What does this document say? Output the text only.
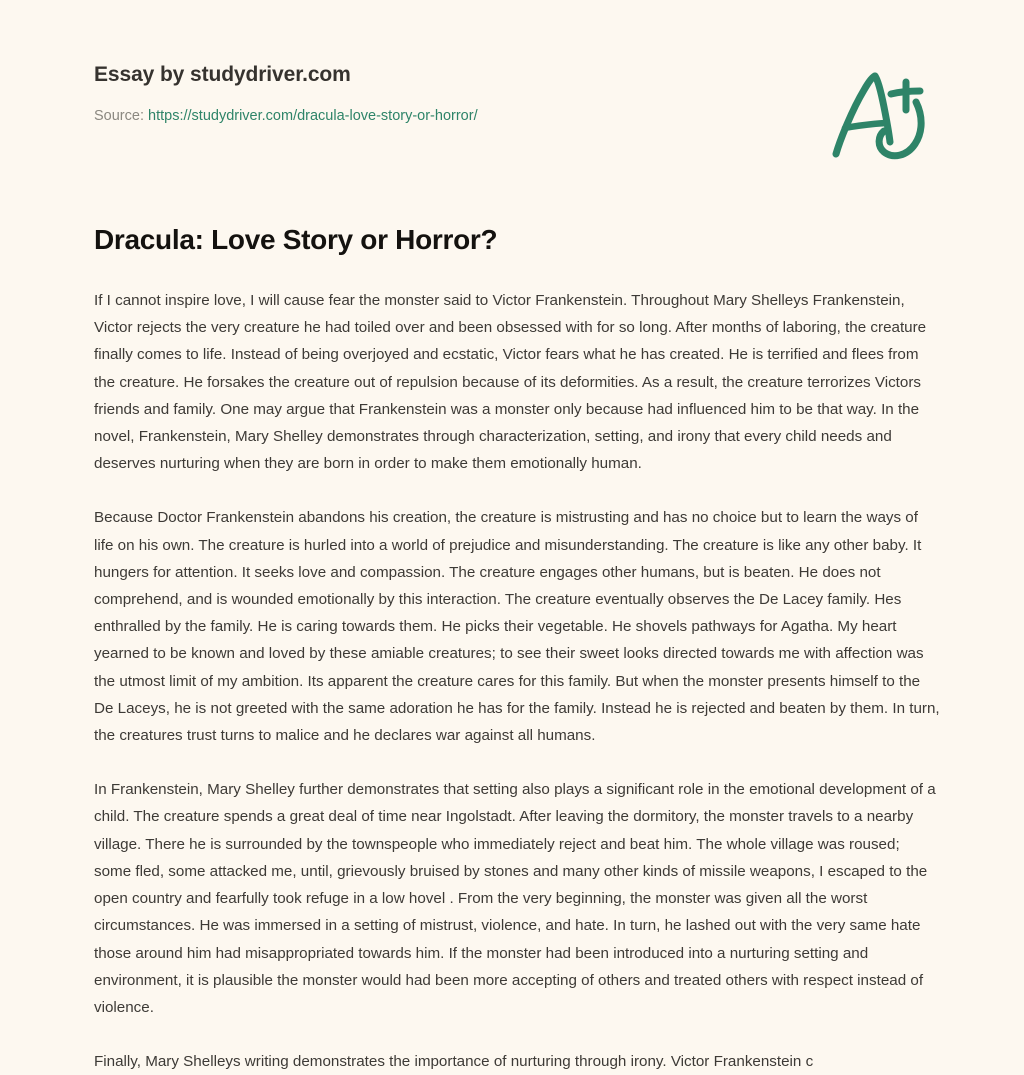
Essay by studydriver.com
Source: https://studydriver.com/dracula-love-story-or-horror/
Dracula: Love Story or Horror?

If I cannot inspire love, I will cause fear the monster said to Victor Frankenstein. Throughout Mary Shelleys Frankenstein, Victor rejects the very creature he had toiled over and been obsessed with for so long. After months of laboring, the creature finally comes to life. Instead of being overjoyed and ecstatic, Victor fears what he has created. He is terrified and flees from the creature. He forsakes the creature out of repulsion because of its deformities. As a result, the creature terrorizes Victors friends and family. One may argue that Frankenstein was a monster only because had influenced him to be that way. In the novel, Frankenstein, Mary Shelley demonstrates through characterization, setting, and irony that every child needs and deserves nurturing when they are born in order to make them emotionally human.

Because Doctor Frankenstein abandons his creation, the creature is mistrusting and has no choice but to learn the ways of life on his own. The creature is hurled into a world of prejudice and misunderstanding. The creature is like any other baby. It hungers for attention. It seeks love and compassion. The creature engages other humans, but is beaten. He does not comprehend, and is wounded emotionally by this interaction. The creature eventually observes the De Lacey family. Hes enthralled by the family. He is caring towards them. He picks their vegetable. He shovels pathways for Agatha. My heart yearned to be known and loved by these amiable creatures; to see their sweet looks directed towards me with affection was the utmost limit of my ambition. Its apparent the creature cares for this family. But when the monster presents himself to the De Laceys, he is not greeted with the same adoration he has for the family. Instead he is rejected and beaten by them. In turn, the creatures trust turns to malice and he declares war against all humans.

In Frankenstein, Mary Shelley further demonstrates that setting also plays a significant role in the emotional development of a child. The creature spends a great deal of time near Ingolstadt. After leaving the dormitory, the monster travels to a nearby village. There he is surrounded by the townspeople who immediately reject and beat him. The whole village was roused; some fled, some attacked me, until, grievously bruised by stones and many other kinds of missile weapons, I escaped to the open country and fearfully took refuge in a low hovel . From the very beginning, the monster was given all the worst circumstances. He was immersed in a setting of mistrust, violence, and hate. In turn, he lashed out with the very same hate those around him had misappropriated towards him. If the monster had been introduced into a nurturing setting and environment, it is plausible the monster would had been more accepting of others and treated others with respect instead of violence.

Finally, Mary Shelleys writing demonstrates the importance of nurturing through irony. Victor Frankenstein c
